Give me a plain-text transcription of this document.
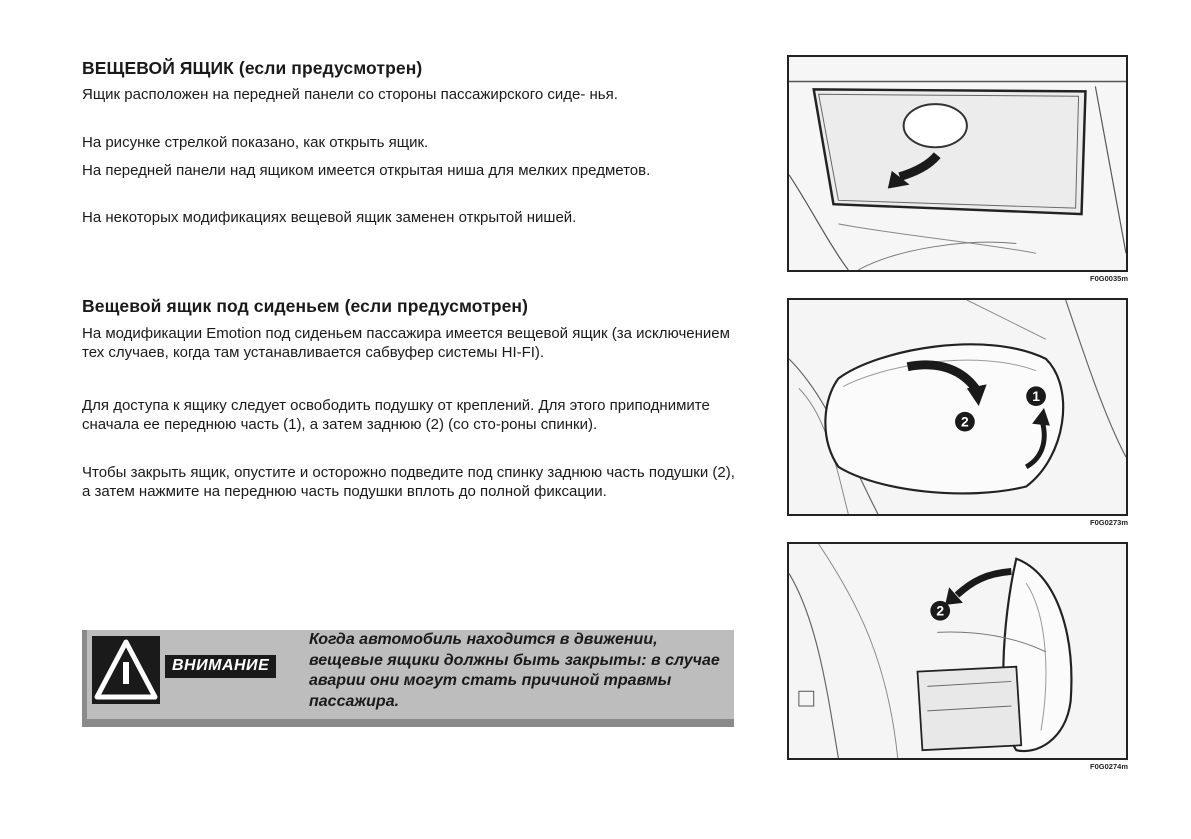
ВЕЩЕВОЙ ЯЩИК (если предусмотрен)

Ящик расположен на передней панели со стороны пассажирского сиде- нья.

На рисунке стрелкой показано, как открыть ящик.

На передней панели над ящиком имеется открытая ниша для мелких предметов.

На некоторых модификациях вещевой ящик заменен открытой нишей.

Вещевой ящик под сиденьем (если предусмотрен)

На модификации Emotion под сиденьем пассажира имеется вещевой ящик (за исключением тех случаев, когда там устанавливается сабвуфер системы HI-FI).

Для доступа к ящику следует освободить подушку от креплений. Для этого приподнимите сначала ее переднюю часть (1), а затем заднюю (2) (со сто-роны спинки).

Чтобы закрыть ящик, опустите и осторожно подведите под спинку заднюю часть подушки (2), а затем нажмите на переднюю часть подушки вплоть до полной фиксации.

ВНИМАНИЕ

Когда автомобиль находится в движении, вещевые ящики должны быть закрыты: в случае аварии они могут стать причиной травмы пассажира.

F0G0035m
2
1
F0G0273m
2
F0G0274m
